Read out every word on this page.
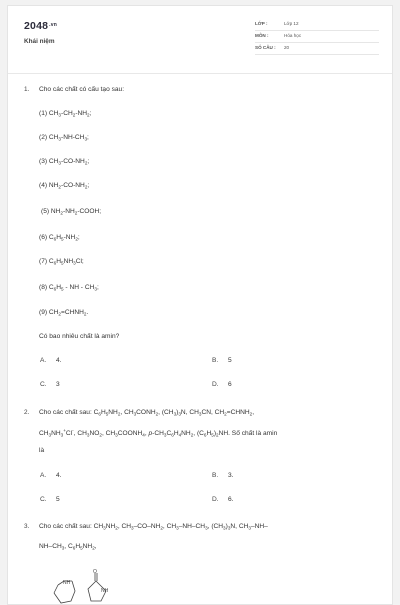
$2048^{.vn}$
Khái niệm
LỚP :	Lớp 12
MÔN :	Hóa học
SỐ CÂU : 20
1. Cho các chất có cấu tạo sau:
(1) $CH_3-CH_2-NH_2$;
(2) $CH_3-NH-CH_3$;
(3) $CH_3-CO-NH_2$;
(4) $NH_2-CO-NH_2$;
(5) $NH_2-NH_2$-COOH;
(6) $C_6H_5-NH_2$;
(7) $C_6H_5NH_3Cl$;
(8) $C_6H_5$ - NH - $CH_3$;
(9) $CH_2=CHNH_2$.
Có bao nhiêu chất là amin?
A. 4.	B. 5
C. 3	D. 6
2. Cho các chất sau: $C_6H_5NH_2$, $CH_3CONH_2$, $(CH_3)_3N$, $CH_3CN$, $CH_2=CHNH_2$,
$CH_3NH_3^+Cl^-$, $CH_3NO_2$, $CH_3COONH_4$, $p-CH_3C_6H_4NH_2$, $(C_6H_5)_2NH$. Số chất là amin
là
A. 4.	B. 3.
C. 5	D. 6.
3. Cho các chất sau: $CH_3NH_2$, $CH_3-CO-NH_2$, $CH_3-NH-CH_3$, $(CH_3)_3N$, $CH_3-NH-$
$NH-CH_3$, $C_6H_5NH_2$,
NH
O
NH
